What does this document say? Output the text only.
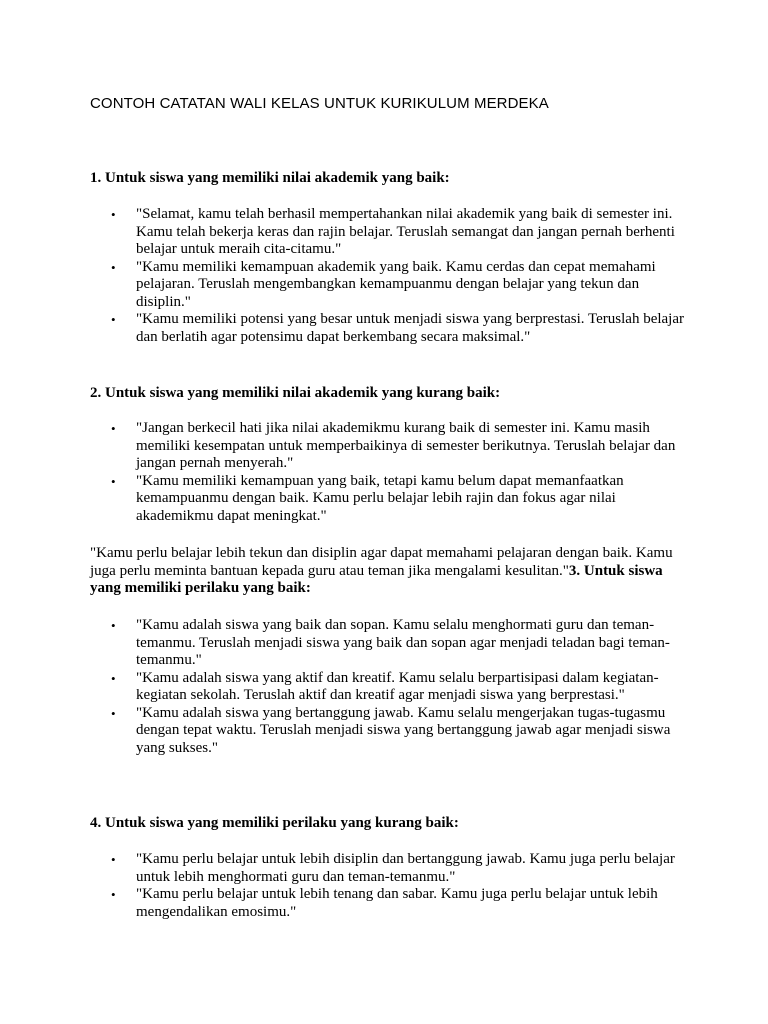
CONTOH CATATAN WALI KELAS UNTUK KURIKULUM MERDEKA

1. Untuk siswa yang memiliki nilai akademik yang baik:

• "Selamat, kamu telah berhasil mempertahankan nilai akademik yang baik di semester ini. Kamu telah bekerja keras dan rajin belajar. Teruslah semangat dan jangan pernah berhenti belajar untuk meraih cita-citamu."
• "Kamu memiliki kemampuan akademik yang baik. Kamu cerdas dan cepat memahami pelajaran. Teruslah mengembangkan kemampuanmu dengan belajar yang tekun dan disiplin."
• "Kamu memiliki potensi yang besar untuk menjadi siswa yang berprestasi. Teruslah belajar dan berlatih agar potensimu dapat berkembang secara maksimal."

2. Untuk siswa yang memiliki nilai akademik yang kurang baik:

• "Jangan berkecil hati jika nilai akademikmu kurang baik di semester ini. Kamu masih memiliki kesempatan untuk memperbaikinya di semester berikutnya. Teruslah belajar dan jangan pernah menyerah."
• "Kamu memiliki kemampuan yang baik, tetapi kamu belum dapat memanfaatkan kemampuanmu dengan baik. Kamu perlu belajar lebih rajin dan fokus agar nilai akademikmu dapat meningkat."

"Kamu perlu belajar lebih tekun dan disiplin agar dapat memahami pelajaran dengan baik. Kamu juga perlu meminta bantuan kepada guru atau teman jika mengalami kesulitan."3. Untuk siswa yang memiliki perilaku yang baik:

• "Kamu adalah siswa yang baik dan sopan. Kamu selalu menghormati guru dan teman-temanmu. Teruslah menjadi siswa yang baik dan sopan agar menjadi teladan bagi teman-temanmu."
• "Kamu adalah siswa yang aktif dan kreatif. Kamu selalu berpartisipasi dalam kegiatan-kegiatan sekolah. Teruslah aktif dan kreatif agar menjadi siswa yang berprestasi."
• "Kamu adalah siswa yang bertanggung jawab. Kamu selalu mengerjakan tugas-tugasmu dengan tepat waktu. Teruslah menjadi siswa yang bertanggung jawab agar menjadi siswa yang sukses."

4. Untuk siswa yang memiliki perilaku yang kurang baik:

• "Kamu perlu belajar untuk lebih disiplin dan bertanggung jawab. Kamu juga perlu belajar untuk lebih menghormati guru dan teman-temanmu."
• "Kamu perlu belajar untuk lebih tenang dan sabar. Kamu juga perlu belajar untuk lebih mengendalikan emosimu."
